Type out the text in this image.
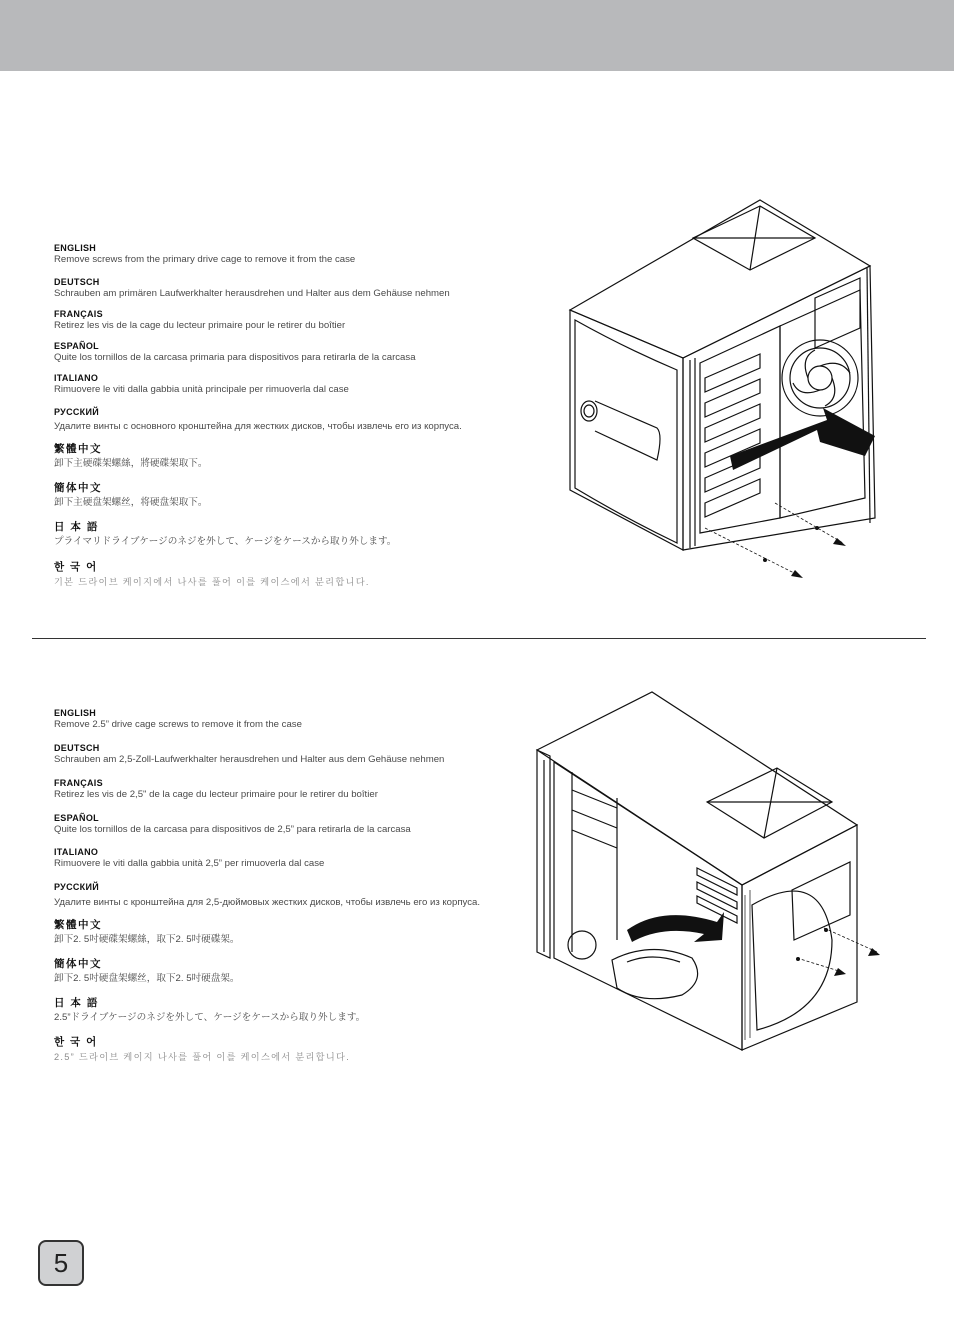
ENGLISH
Remove screws from the primary drive cage to remove it from the case
DEUTSCH
Schrauben am primären Laufwerkhalter herausdrehen und Halter aus dem Gehäuse nehmen
FRANÇAIS
Retirez les vis de la cage du lecteur primaire pour le retirer du boîtier
ESPAÑOL
Quite los tornillos de la carcasa primaria para dispositivos para retirarla de la carcasa
ITALIANO
Rimuovere le viti dalla gabbia unità principale per rimuoverla dal case
РУССКИЙ
Удалите винты с основного кронштейна для жестких дисков, чтобы извлечь его из корпуса.
繁體中文
卸下主硬碟架螺絲，將硬碟架取下。
簡体中文
卸下主硬盘架螺丝，将硬盘架取下。
日 本 語
プライマリドライブケージのネジを外して、ケージをケースから取り外します。
한 국 어
기본 드라이브 케이지에서 나사를 풀어 이를 케이스에서 분리합니다.
ENGLISH
Remove 2.5” drive cage screws to remove it from the case
DEUTSCH
Schrauben am 2,5-Zoll-Laufwerkhalter herausdrehen und Halter aus dem Gehäuse nehmen
FRANÇAIS
Retirez les vis de 2,5" de la cage du lecteur primaire pour le retirer du boîtier
ESPAÑOL
Quite los tornillos de la carcasa para dispositivos de 2,5” para retirarla de la carcasa
ITALIANO
Rimuovere le viti dalla gabbia unità 2,5” per rimuoverla dal case
РУССКИЙ
Удалите винты с кронштейна для 2,5-дюймовых жестких дисков, чтобы извлечь его из корпуса.
繁體中文
卸下2. 5吋硬碟架螺絲，取下2. 5吋硬碟架。
簡体中文
卸下2. 5吋硬盘架螺丝，取下2. 5吋硬盘架。
日 本 語
2.5”ドライブケージのネジを外して、ケージをケースから取り外します。
한 국 어
2.5” 드라이브 케이지 나사를 풀어 이를 케이스에서 분리합니다.
5
